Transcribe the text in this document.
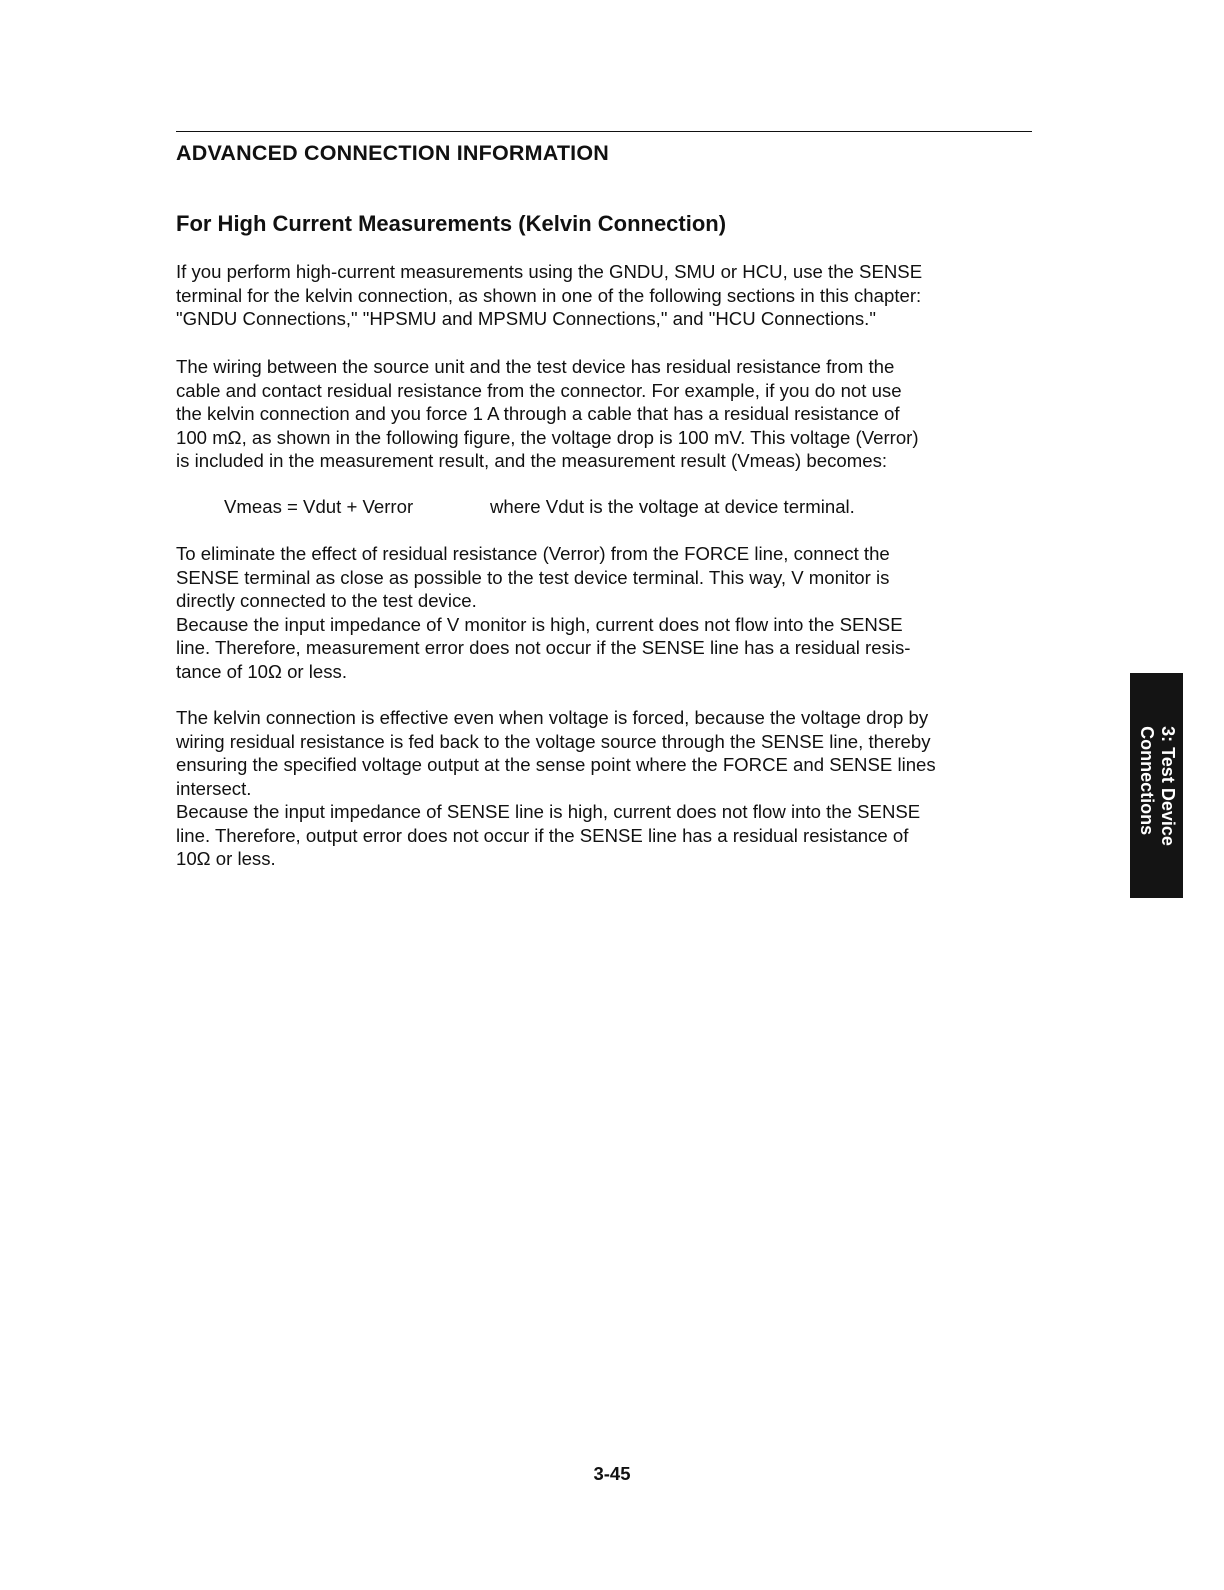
ADVANCED CONNECTION INFORMATION
For High Current Measurements (Kelvin Connection)

If you perform high-current measurements using the GNDU, SMU or HCU, use the SENSE
terminal for the kelvin connection, as shown in one of the following sections in this chapter:
"GNDU Connections," "HPSMU and MPSMU Connections," and "HCU Connections."

The wiring between the source unit and the test device has residual resistance from the
cable and contact residual resistance from the connector. For example, if you do not use
the kelvin connection and you force 1 A through a cable that has a residual resistance of
100 mΩ, as shown in the following figure, the voltage drop is 100 mV. This voltage (Verror)
is included in the measurement result, and the measurement result (Vmeas) becomes:

Vmeas = Vdut + Verror	where Vdut is the voltage at device terminal.

To eliminate the effect of residual resistance (Verror) from the FORCE line, connect the
SENSE terminal as close as possible to the test device terminal. This way, V monitor is
directly connected to the test device.
Because the input impedance of V monitor is high, current does not flow into the SENSE
line. Therefore, measurement error does not occur if the SENSE line has a residual resis-
tance of 10Ω or less.

The kelvin connection is effective even when voltage is forced, because the voltage drop by
wiring residual resistance is fed back to the voltage source through the SENSE line, thereby
ensuring the specified voltage output at the sense point where the FORCE and SENSE lines
intersect.
Because the input impedance of SENSE line is high, current does not flow into the SENSE
line. Therefore, output error does not occur if the SENSE line has a residual resistance of
10Ω or less.

3: Test Device
Connections
3-45
